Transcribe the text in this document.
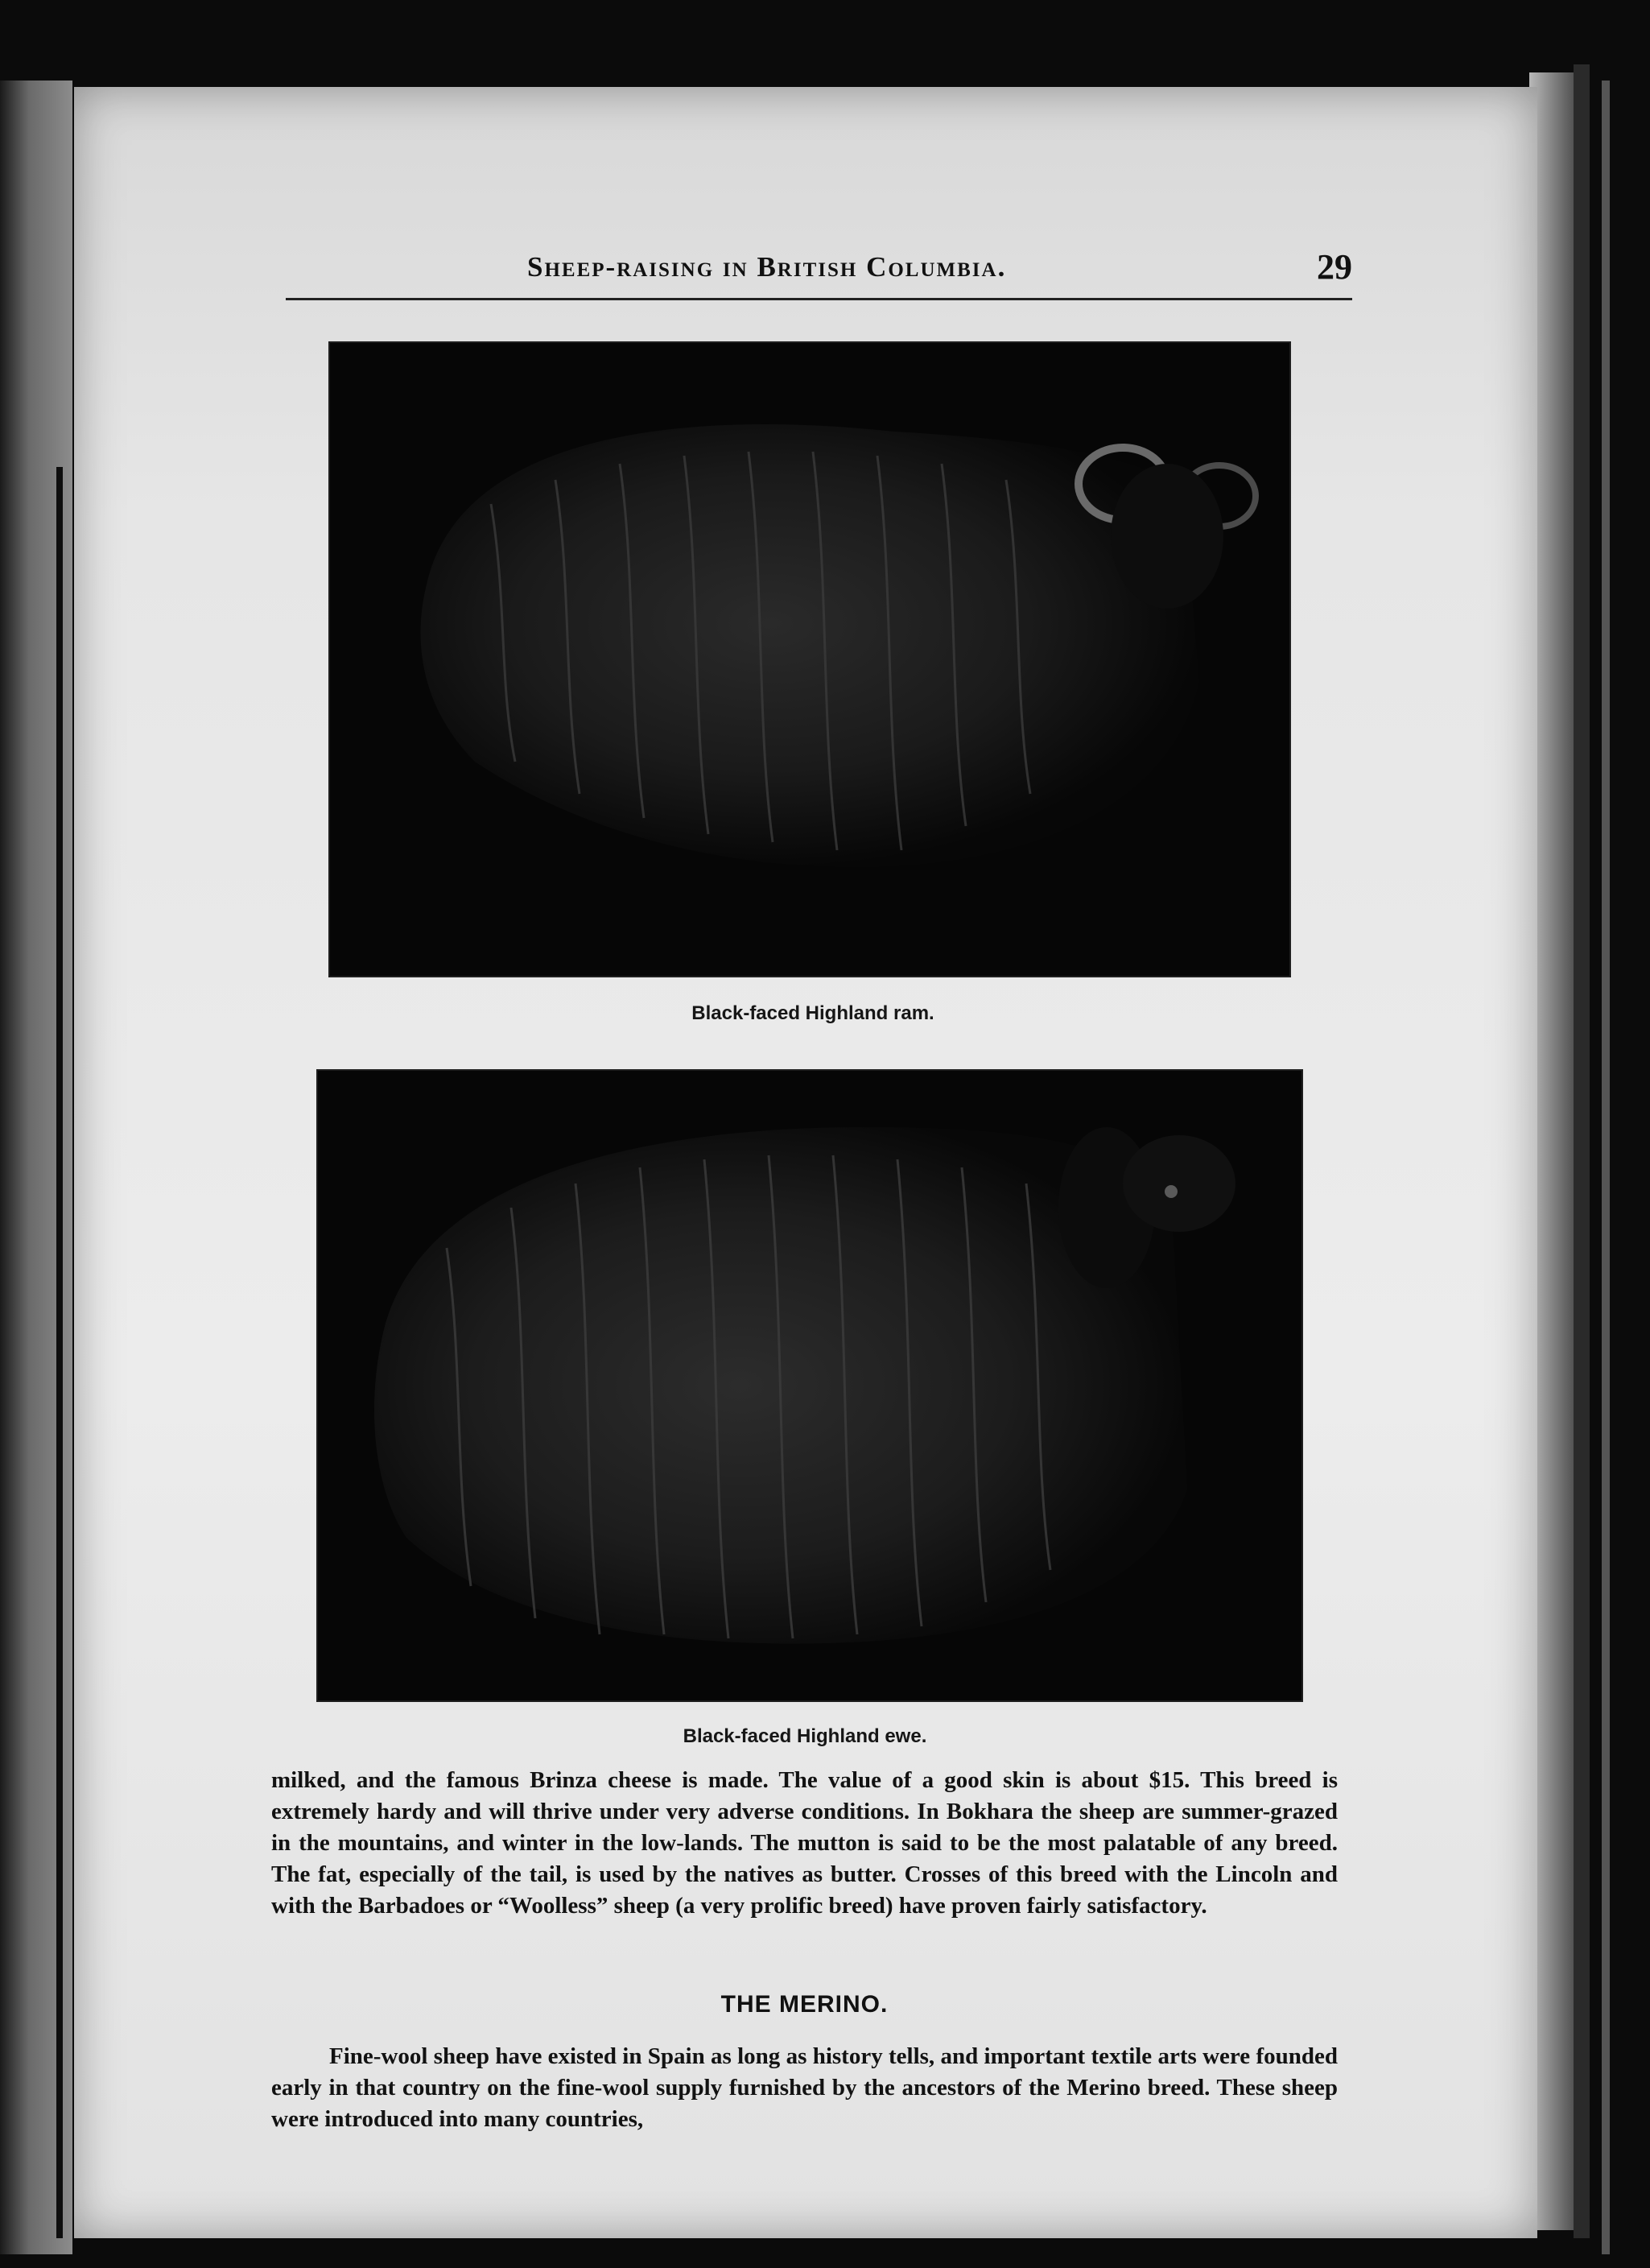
Sheep-raising in British Columbia.	29
Black-faced Highland ram.
Black-faced Highland ewe.
milked, and the famous Brinza cheese is made. The value of a good skin is about $15. This breed is extremely hardy and will thrive under very adverse conditions. In Bokhara the sheep are summer-grazed in the mountains, and winter in the low-lands. The mutton is said to be the most palatable of any breed. The fat, especially of the tail, is used by the natives as butter. Crosses of this breed with the Lincoln and with the Barbadoes or “Woolless” sheep (a very prolific breed) have proven fairly satisfactory.
THE MERINO.
Fine-wool sheep have existed in Spain as long as history tells, and important textile arts were founded early in that country on the fine-wool supply furnished by the ancestors of the Merino breed. These sheep were introduced into many countries,
